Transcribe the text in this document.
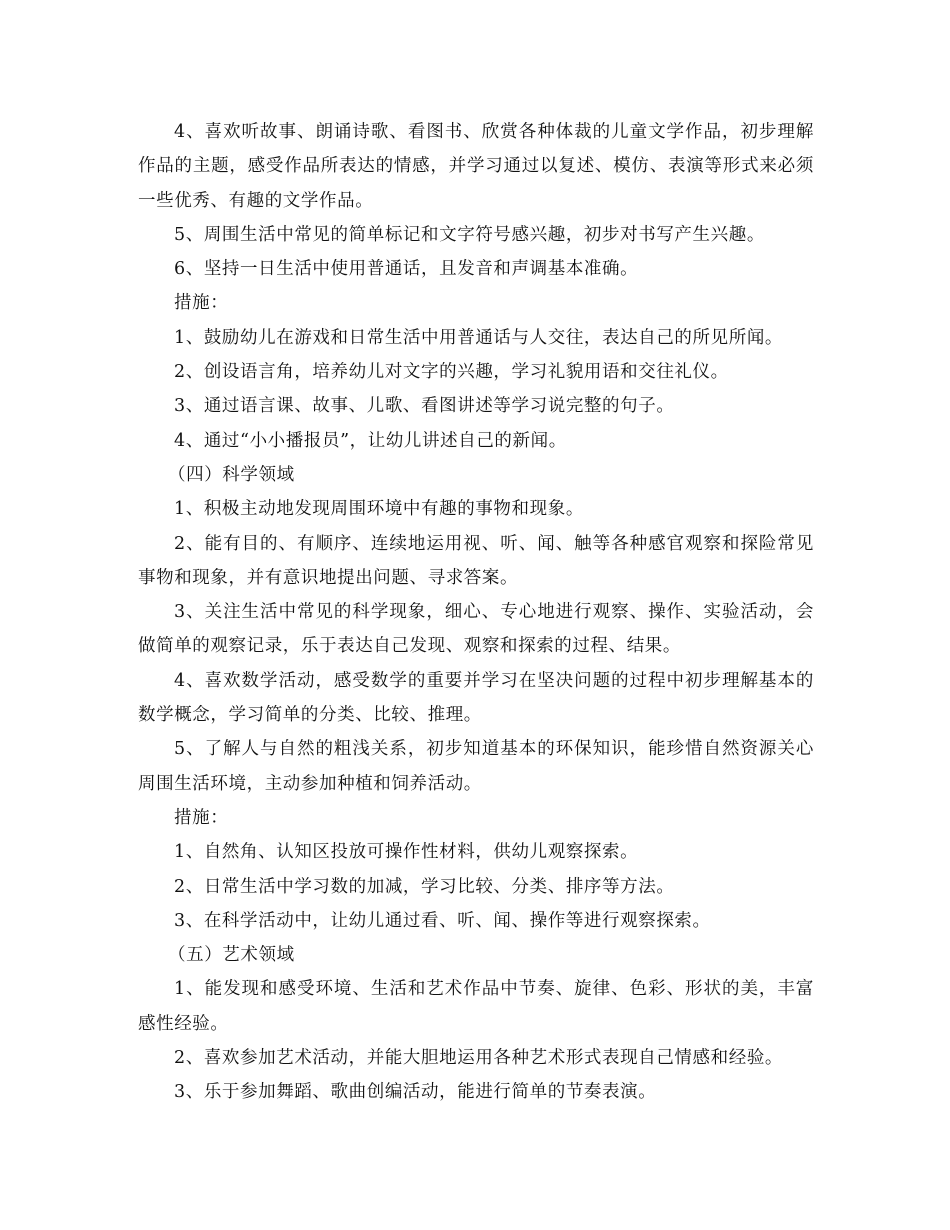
4、喜欢听故事、朗诵诗歌、看图书、欣赏各种体裁的儿童文学作品，初步理解作品的主题，感受作品所表达的情感，并学习通过以复述、模仿、表演等形式来必须一些优秀、有趣的文学作品。

5、周围生活中常见的简单标记和文字符号感兴趣，初步对书写产生兴趣。

6、坚持一日生活中使用普通话，且发音和声调基本准确。

措施：

1、鼓励幼儿在游戏和日常生活中用普通话与人交往，表达自己的所见所闻。

2、创设语言角，培养幼儿对文字的兴趣，学习礼貌用语和交往礼仪。

3、通过语言课、故事、儿歌、看图讲述等学习说完整的句子。

4、通过“小小播报员”，让幼儿讲述自己的新闻。

（四）科学领域

1、积极主动地发现周围环境中有趣的事物和现象。

2、能有目的、有顺序、连续地运用视、听、闻、触等各种感官观察和探险常见事物和现象，并有意识地提出问题、寻求答案。

3、关注生活中常见的科学现象，细心、专心地进行观察、操作、实验活动，会做简单的观察记录，乐于表达自己发现、观察和探索的过程、结果。

4、喜欢数学活动，感受数学的重要并学习在坚决问题的过程中初步理解基本的数学概念，学习简单的分类、比较、推理。

5、了解人与自然的粗浅关系，初步知道基本的环保知识，能珍惜自然资源关心周围生活环境，主动参加种植和饲养活动。

措施：

1、自然角、认知区投放可操作性材料，供幼儿观察探索。

2、日常生活中学习数的加减，学习比较、分类、排序等方法。

3、在科学活动中，让幼儿通过看、听、闻、操作等进行观察探索。

（五）艺术领域

1、能发现和感受环境、生活和艺术作品中节奏、旋律、色彩、形状的美，丰富感性经验。

2、喜欢参加艺术活动，并能大胆地运用各种艺术形式表现自己情感和经验。

3、乐于参加舞蹈、歌曲创编活动，能进行简单的节奏表演。
